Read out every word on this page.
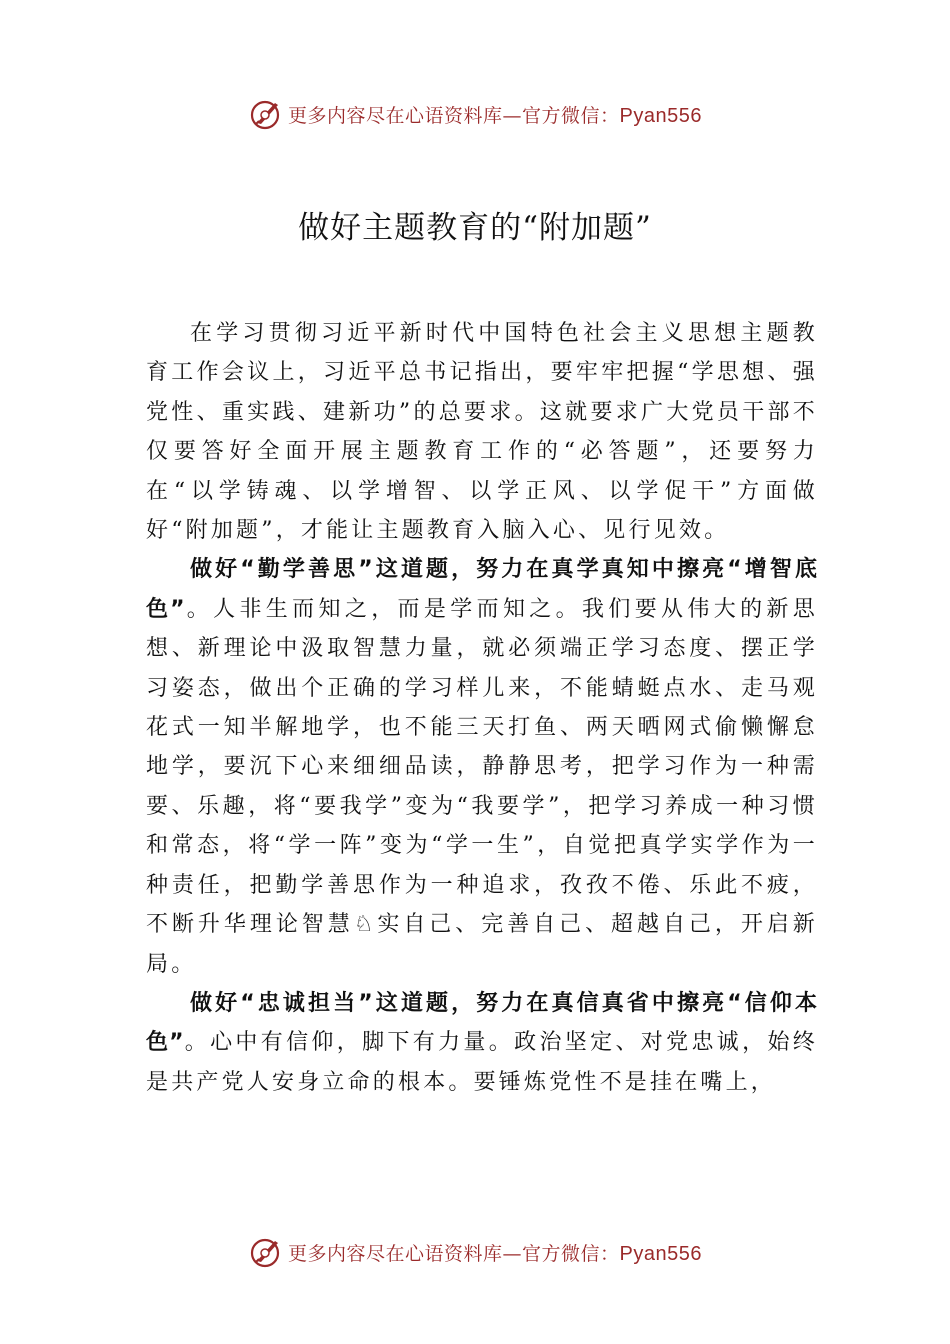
更多内容尽在心语资料库—官方微信：Pyan556
做好主题教育的“附加题”

在学习贯彻习近平新时代中国特色社会主义思想主题教育工作会议上，习近平总书记指出，要牢牢把握“学思想、强党性、重实践、建新功”的总要求。这就要求广大党员干部不仅要答好全面开展主题教育工作的“必答题”，还要努力在“以学铸魂、以学增智、以学正风、以学促干”方面做好“附加题”，才能让主题教育入脑入心、见行见效。

做好“勤学善思”这道题，努力在真学真知中擦亮“增智底色”。人非生而知之，而是学而知之。我们要从伟大的新思想、新理论中汲取智慧力量，就必须端正学习态度、摆正学习姿态，做出个正确的学习样儿来，不能蜻蜓点水、走马观花式一知半解地学，也不能三天打鱼、两天晒网式偷懒懈怠地学，要沉下心来细细品读，静静思考，把学习作为一种需要、乐趣，将“要我学”变为“我要学”，把学习养成一种习惯和常态，将“学一阵”变为“学一生”，自觉把真学实学作为一种责任，把勤学善思作为一种追求，孜孜不倦、乐此不疲，不断升华理论智慧♘实自己、完善自己、超越自己，开启新局。

做好“忠诚担当”这道题，努力在真信真省中擦亮“信仰本色”。心中有信仰，脚下有力量。政治坚定、对党忠诚，始终是共产党人安身立命的根本。要锤炼党性不是挂在嘴上，

更多内容尽在心语资料库—官方微信：Pyan556
